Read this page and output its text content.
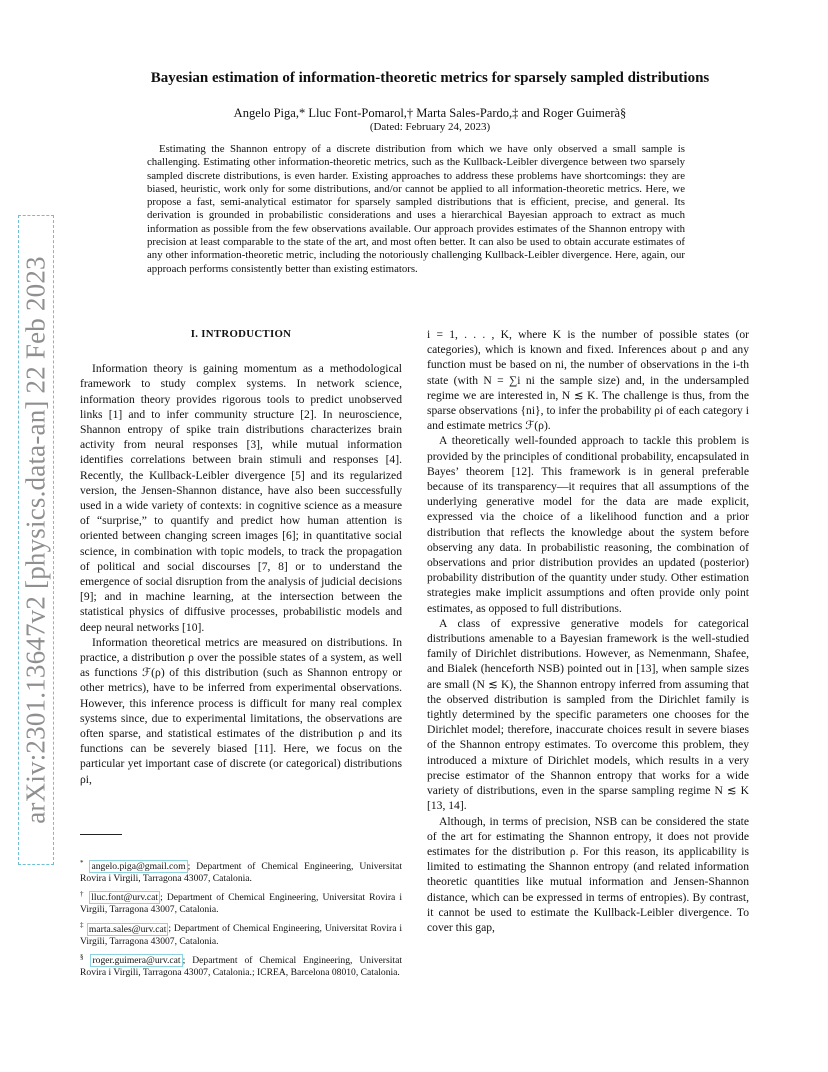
arXiv:2301.13647v2 [physics.data-an] 22 Feb 2023
Bayesian estimation of information-theoretic metrics for sparsely sampled distributions
Angelo Piga,* Lluc Font-Pomarol,† Marta Sales-Pardo,‡ and Roger Guimerà§
(Dated: February 24, 2023)

Estimating the Shannon entropy of a discrete distribution from which we have only observed a small sample is challenging. Estimating other information-theoretic metrics, such as the Kullback-Leibler divergence between two sparsely sampled discrete distributions, is even harder. Existing approaches to address these problems have shortcomings: they are biased, heuristic, work only for some distributions, and/or cannot be applied to all information-theoretic metrics. Here, we propose a fast, semi-analytical estimator for sparsely sampled distributions that is efficient, precise, and general. Its derivation is grounded in probabilistic considerations and uses a hierarchical Bayesian approach to extract as much information as possible from the few observations available. Our approach provides estimates of the Shannon entropy with precision at least comparable to the state of the art, and most often better. It can also be used to obtain accurate estimates of any other information-theoretic metric, including the notoriously challenging Kullback-Leibler divergence. Here, again, our approach performs consistently better than existing estimators.

I. INTRODUCTION

Information theory is gaining momentum as a methodological framework to study complex systems. In network science, information theory provides rigorous tools to predict unobserved links [1] and to infer community structure [2]. In neuroscience, Shannon entropy of spike train distributions characterizes brain activity from neural responses [3], while mutual information identifies correlations between brain stimuli and responses [4]. Recently, the Kullback-Leibler divergence [5] and its regularized version, the Jensen-Shannon distance, have also been successfully used in a wide variety of contexts: in cognitive science as a measure of “surprise,” to quantify and predict how human attention is oriented between changing screen images [6]; in quantitative social science, in combination with topic models, to track the propagation of political and social discourses [7, 8] or to understand the emergence of social disruption from the analysis of judicial decisions [9]; and in machine learning, at the intersection between the statistical physics of diffusive processes, probabilistic models and deep neural networks [10].

Information theoretical metrics are measured on distributions. In practice, a distribution ρ over the possible states of a system, as well as functions ℱ(ρ) of this distribution (such as Shannon entropy or other metrics), have to be inferred from experimental observations. However, this inference process is difficult for many real complex systems since, due to experimental limitations, the observations are often sparse, and statistical estimates of the distribution ρ and its functions can be severely biased [11]. Here, we focus on the particular yet important case of discrete (or categorical) distributions ρi,

i = 1, . . . , K, where K is the number of possible states (or categories), which is known and fixed. Inferences about ρ and any function must be based on ni, the number of observations in the i-th state (with N = ∑i ni the sample size) and, in the undersampled regime we are interested in, N ≲ K. The challenge is thus, from the sparse observations {ni}, to infer the probability ρi of each category i and estimate metrics ℱ(ρ).

A theoretically well-founded approach to tackle this problem is provided by the principles of conditional probability, encapsulated in Bayes’ theorem [12]. This framework is in general preferable because of its transparency—it requires that all assumptions of the underlying generative model for the data are made explicit, expressed via the choice of a likelihood function and a prior distribution that reflects the knowledge about the system before observing any data. In probabilistic reasoning, the combination of observations and prior distribution provides an updated (posterior) probability distribution of the quantity under study. Other estimation strategies make implicit assumptions and often provide only point estimates, as opposed to full distributions.

A class of expressive generative models for categorical distributions amenable to a Bayesian framework is the well-studied family of Dirichlet distributions. However, as Nemenmann, Shafee, and Bialek (henceforth NSB) pointed out in [13], when sample sizes are small (N ≲ K), the Shannon entropy inferred from assuming that the observed distribution is sampled from the Dirichlet family is tightly determined by the specific parameters one chooses for the Dirichlet model; therefore, inaccurate choices result in severe biases of the Shannon entropy estimates. To overcome this problem, they introduced a mixture of Dirichlet models, which results in a very precise estimator of the Shannon entropy that works for a wide variety of distributions, even in the sparse sampling regime N ≲ K [13, 14].

Although, in terms of precision, NSB can be considered the state of the art for estimating the Shannon entropy, it does not provide estimates for the distribution ρ. For this reason, its applicability is limited to estimating the Shannon entropy (and related information theoretic quantities like mutual information and Jensen-Shannon distance, which can be expressed in terms of entropies). By contrast, it cannot be used to estimate the Kullback-Leibler divergence. To cover this gap,

* angelo.piga@gmail.com ; Department of Chemical Engineering, Universitat Rovira i Virgili, Tarragona 43007, Catalonia.

† lluc.font@urv.cat ; Department of Chemical Engineering, Universitat Rovira i Virgili, Tarragona 43007, Catalonia.

‡ marta.sales@urv.cat ; Department of Chemical Engineering, Universitat Rovira i Virgili, Tarragona 43007, Catalonia.

§ roger.guimera@urv.cat ; Department of Chemical Engineering, Universitat Rovira i Virgili, Tarragona 43007, Catalonia.; ICREA, Barcelona 08010, Catalonia.
